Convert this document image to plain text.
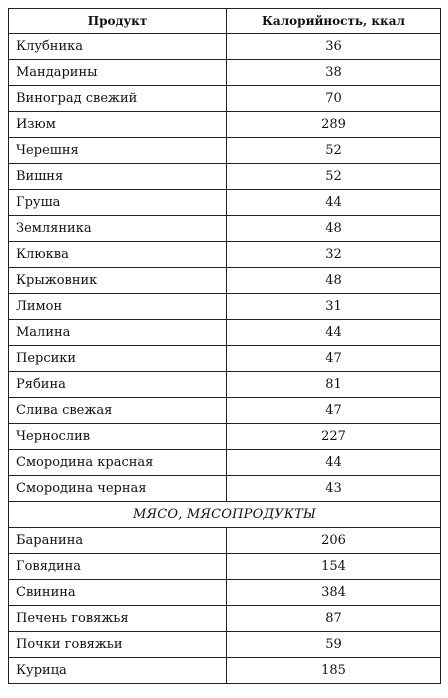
Продукт	Калорийность, ккал
Клубника	36
Мандарины	38
Виноград свежий	70
Изюм	289
Черешня	52
Вишня	52
Груша	44
Земляника	48
Клюква	32
Крыжовник	48
Лимон	31
Малина	44
Персики	47
Рябина	81
Слива свежая	47
Чернослив	227
Смородина красная	44
Смородина черная	43
МЯСО, МЯСОПРОДУКТЫ	
Баранина	206
Говядина	154
Свинина	384
Печень говяжья	87
Почки говяжьи	59
Курица	185
